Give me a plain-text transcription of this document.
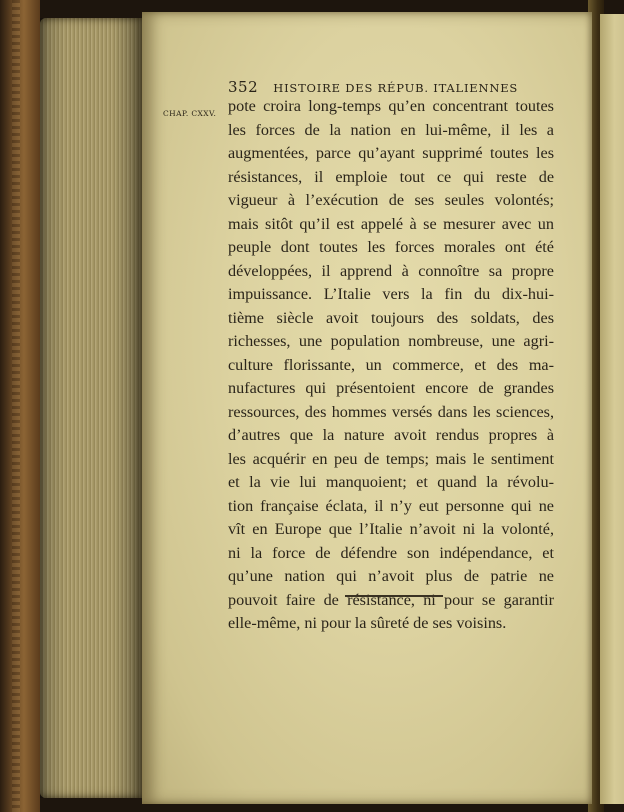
352 HISTOIRE DES RÉPUB. ITALIENNES
CHAP. CXXV. pote croira long-temps qu’en concentrant toutes
les forces de la nation en lui-même, il les a
augmentées, parce qu’ayant supprimé toutes les
résistances, il emploie tout ce qui reste de
vigueur à l’exécution de ses seules volontés;
mais sitôt qu’il est appelé à se mesurer avec un
peuple dont toutes les forces morales ont été
développées, il apprend à connoître sa propre
impuissance. L’Italie vers la fin du dix-hui-
tième siècle avoit toujours des soldats, des
richesses, une population nombreuse, une agri-
culture florissante, un commerce, et des ma-
nufactures qui présentoient encore de grandes
ressources, des hommes versés dans les sciences,
d’autres que la nature avoit rendus propres à
les acquérir en peu de temps; mais le sentiment
et la vie lui manquoient; et quand la révolu-
tion française éclata, il n’y eut personne qui ne
vît en Europe que l’Italie n’avoit ni la volonté,
ni la force de défendre son indépendance, et
qu’une nation qui n’avoit plus de patrie ne
pouvoit faire de résistance, ni pour se garantir
elle-même, ni pour la sûreté de ses voisins.
